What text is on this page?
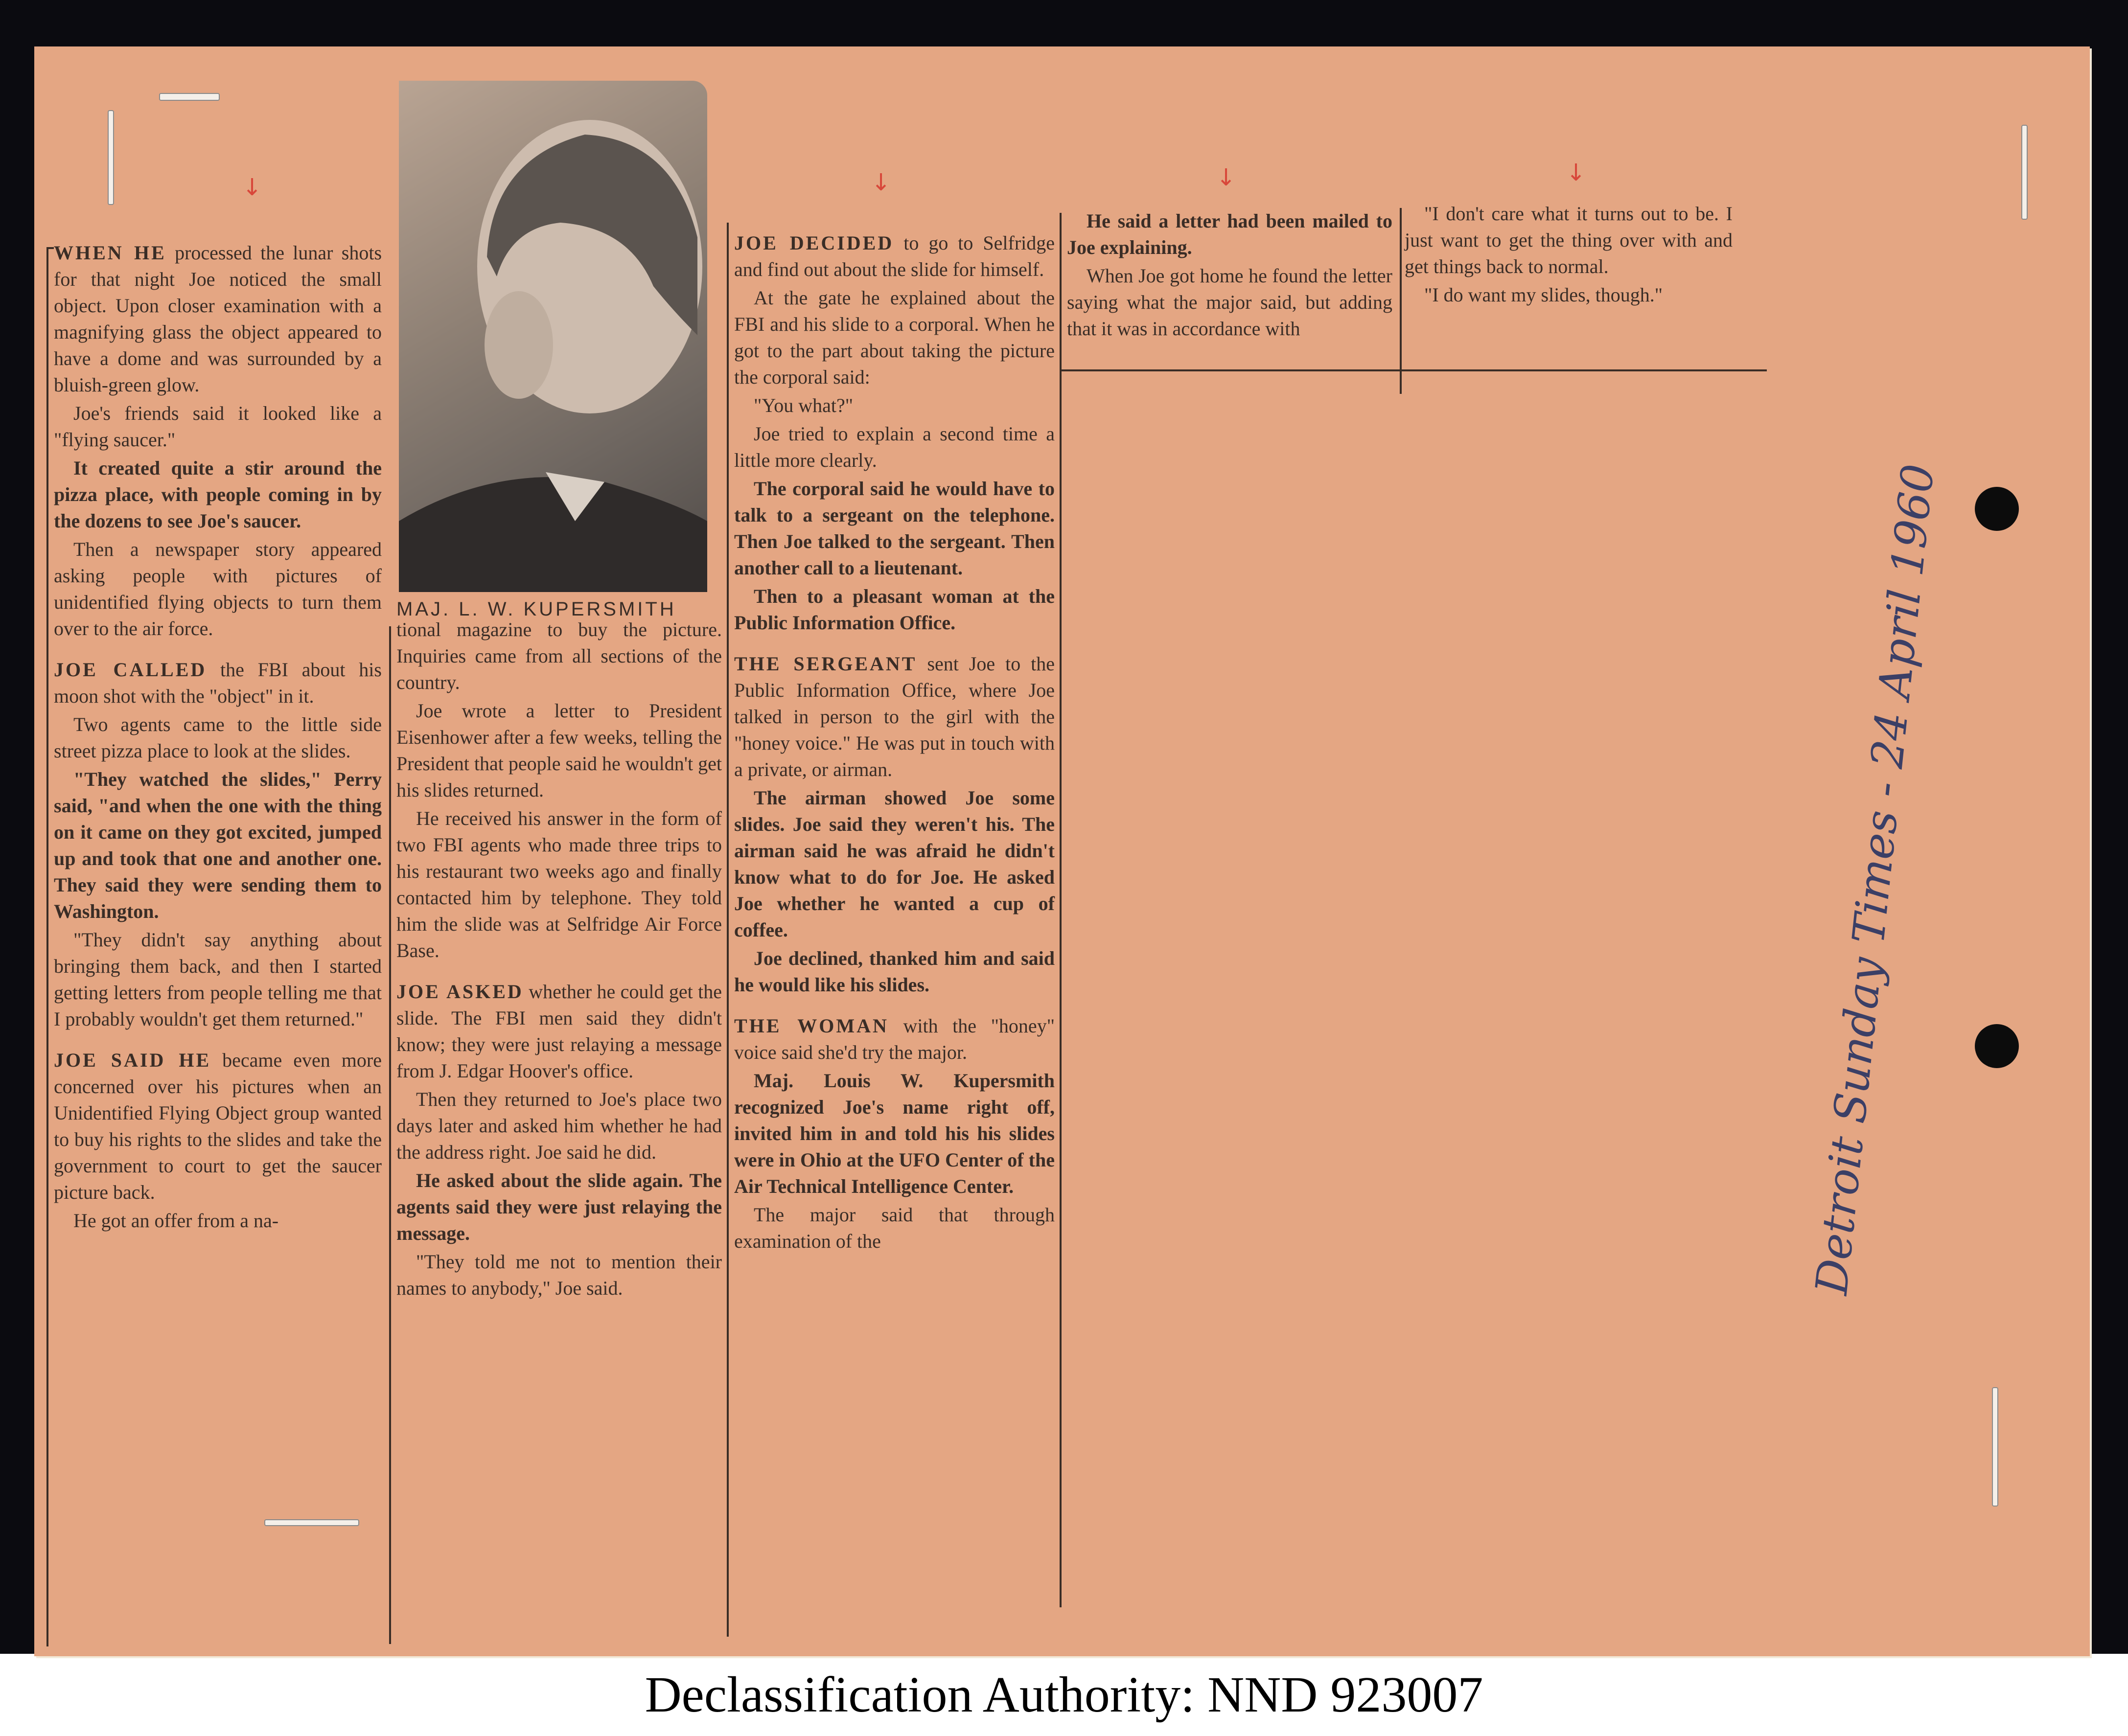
↓	↓	↓	↓
MAJ. L. W. KUPERSMITH

WHEN HE processed the lunar shots for that night Joe noticed the small object. Upon closer examination with a magnifying glass the object appeared to have a dome and was surrounded by a bluish-green glow.

Joe's friends said it looked like a "flying saucer."

It created quite a stir around the pizza place, with people coming in by the dozens to see Joe's saucer.

Then a newspaper story appeared asking people with pictures of unidentified flying objects to turn them over to the air force.

JOE CALLED the FBI about his moon shot with the "object" in it.

Two agents came to the little side street pizza place to look at the slides.

"They watched the slides," Perry said, "and when the one with the thing on it came on they got excited, jumped up and took that one and another one. They said they were sending them to Washington.

"They didn't say anything about bringing them back, and then I started getting letters from people telling me that I probably wouldn't get them returned."

JOE SAID HE became even more concerned over his pictures when an Unidentified Flying Object group wanted to buy his rights to the slides and take the government to court to get the saucer picture back.

He got an offer from a na-

tional magazine to buy the picture. Inquiries came from all sections of the country.

Joe wrote a letter to President Eisenhower after a few weeks, telling the President that people said he wouldn't get his slides returned.

He received his answer in the form of two FBI agents who made three trips to his restaurant two weeks ago and finally contacted him by telephone. They told him the slide was at Selfridge Air Force Base.

JOE ASKED whether he could get the slide. The FBI men said they didn't know; they were just relaying a message from J. Edgar Hoover's office.

Then they returned to Joe's place two days later and asked him whether he had the address right. Joe said he did.

He asked about the slide again. The agents said they were just relaying the message.

"They told me not to mention their names to anybody," Joe said.

JOE DECIDED to go to Selfridge and find out about the slide for himself.

At the gate he explained about the FBI and his slide to a corporal. When he got to the part about taking the picture the corporal said:

"You what?"

Joe tried to explain a second time a little more clearly.

The corporal said he would have to talk to a sergeant on the telephone. Then Joe talked to the sergeant. Then another call to a lieutenant.

Then to a pleasant woman at the Public Information Office.

THE SERGEANT sent Joe to the Public Information Office, where Joe talked in person to the girl with the "honey voice." He was put in touch with a private, or airman.

The airman showed Joe some slides. Joe said they weren't his. The airman said he was afraid he didn't know what to do for Joe. He asked Joe whether he wanted a cup of coffee.

Joe declined, thanked him and said he would like his slides.

THE WOMAN with the "honey" voice said she'd try the major.

Maj. Louis W. Kupersmith recognized Joe's name right off, invited him in and told his his slides were in Ohio at the UFO Center of the Air Technical Intelligence Center.

The major said that through examination of the

He said a letter had been mailed to Joe explaining.

When Joe got home he found the letter saying what the major said, but adding that it was in accordance with

"I don't care what it turns out to be. I just want to get the thing over with and get things back to normal.

"I do want my slides, though."

Detroit Sunday Times - 24 April 1960
Declassification Authority: NND 923007
